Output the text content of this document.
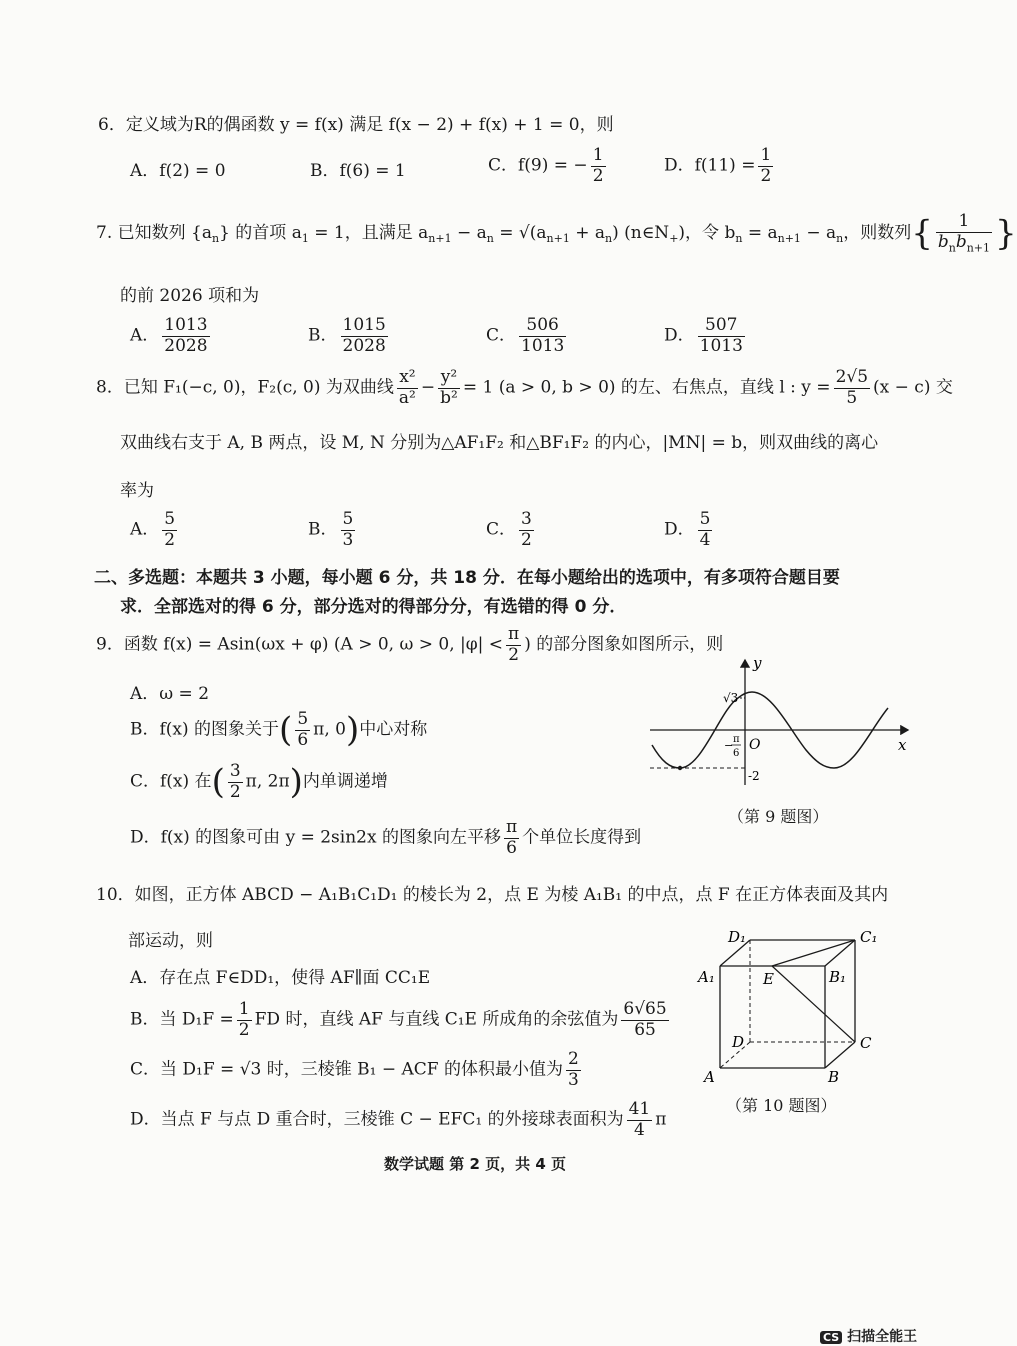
6．定义域为R的偶函数 y = f(x) 满足 f(x − 2) + f(x) + 1 = 0，则
A．f(2) = 0	B．f(6) = 1	C．f(9) = − $\frac{1}{2}$	D．$f(11) = \frac{1}{2}$
7. 已知数列 $\{a_n\}$ 的首项 $a_1 = 1$，且满足 $a_{n+1} - a_n = √(a_{n+1} + a_n)$ $(n\in N_+)$，令 $b_n = a_{n+1} - a_n$，则数列{ $\frac{1}{b_nb_{n+1}}$ }
的前 2026 项和为
A． $\frac{1013}{2028}$	B． $\frac{1015}{2028}$	C． $\frac{506}{1013}$	D． $\frac{507}{1013}$
8．已知 F₁(−c, 0)，F₂(c, 0) 为双曲线 $\frac{\text{x²}}{\text{a²}} - \frac{\text{y²}}{\text{b²}} = 1$ (a > 0, b > 0) 的左、右焦点，直线 l : $y = \frac{2√5}{5} (x - c)$ 交
双曲线右支于 A, B 两点，设 M, N 分别为△AF₁F₂ 和△BF₁F₂ 的内心，|MN| = b，则双曲线的离心
率为
A． $\frac{5}{2}$	B． $\frac{5}{3}$	C． $\frac{3}{2}$	D． $\frac{5}{4}$
二、多选题：本题共 3 小题，每小题 6 分，共 18 分．在每小题给出的选项中，有多项符合题目要
求．全部选对的得 6 分，部分选对的得部分分，有选错的得 0 分．
9．函数 f(x) = Asin(ωx + φ) (A > 0, ω > 0, $|\varphi| < \frac{\pi}{2}$ ) 的部分图象如图所示，则
A．ω = 2
B．f(x) 的图象关于( $\frac{5}{6} \pi$, 0)中心对称
C．f(x) 在( $\frac{3}{2} \pi$, 2π)内单调递增
D．f(x) 的图象可由 y = 2sin2x 的图象向左平移 $\frac{\pi}{6}$ 个单位长度得到
y
x
O
√3
-2
− π
6
（第 9 题图）
10．如图，正方体 ABCD − A₁B₁C₁D₁ 的棱长为 2，点 E 为棱 A₁B₁ 的中点，点 F 在正方体表面及其内
部运动，则
A．存在点 F∈DD₁，使得 AF∥面 CC₁E
B．当 $D_1F = \frac{1}{2}$ FD 时，直线 AF 与直线 C₁E 所成角的余弦值为 $\frac{6√65}{65}$
C．当 D₁F = √3 时，三棱锥 B₁ − ACF 的体积最小值为 $\frac{2}{3}$
D．当点 F 与点 D 重合时，三棱锥 C − EFC₁ 的外接球表面积为 $\frac{41}{4}$ π
D₁	C₁
A₁	E	B₁
D	C
A	B
（第 10 题图）
数学试题 第 2 页，共 4 页
CS 扫描全能王
